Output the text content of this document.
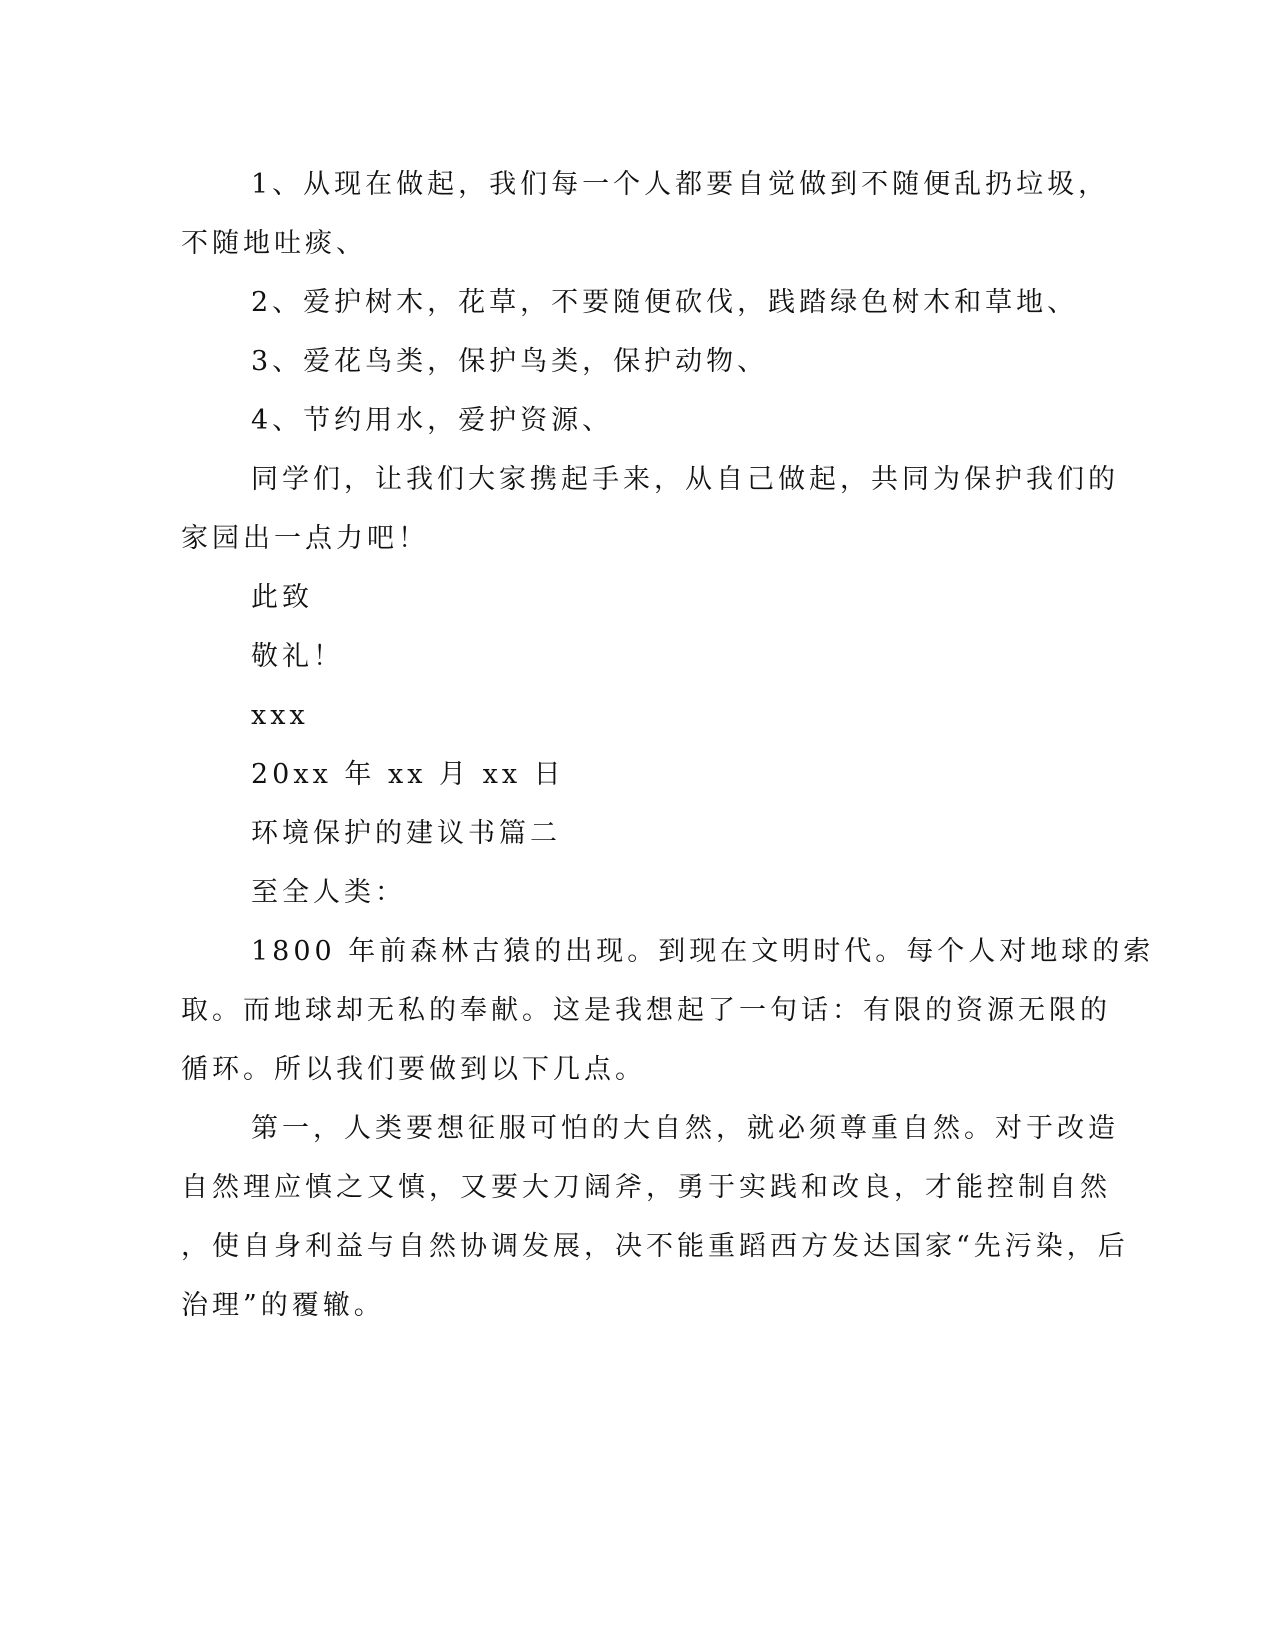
1、从现在做起，我们每一个人都要自觉做到不随便乱扔垃圾，
不随地吐痰、
2、爱护树木，花草，不要随便砍伐，践踏绿色树木和草地、
3、爱花鸟类，保护鸟类，保护动物、
4、节约用水，爱护资源、
同学们，让我们大家携起手来，从自己做起，共同为保护我们的
家园出一点力吧！
此致
敬礼！
xxx
20xx 年 xx 月 xx 日
环境保护的建议书篇二
至全人类：
1800 年前森林古猿的出现。到现在文明时代。每个人对地球的索
取。而地球却无私的奉献。这是我想起了一句话：有限的资源无限的
循环。所以我们要做到以下几点。
第一，人类要想征服可怕的大自然，就必须尊重自然。对于改造
自然理应慎之又慎，又要大刀阔斧，勇于实践和改良，才能控制自然
，使自身利益与自然协调发展，决不能重蹈西方发达国家“先污染，后
治理”的覆辙。
